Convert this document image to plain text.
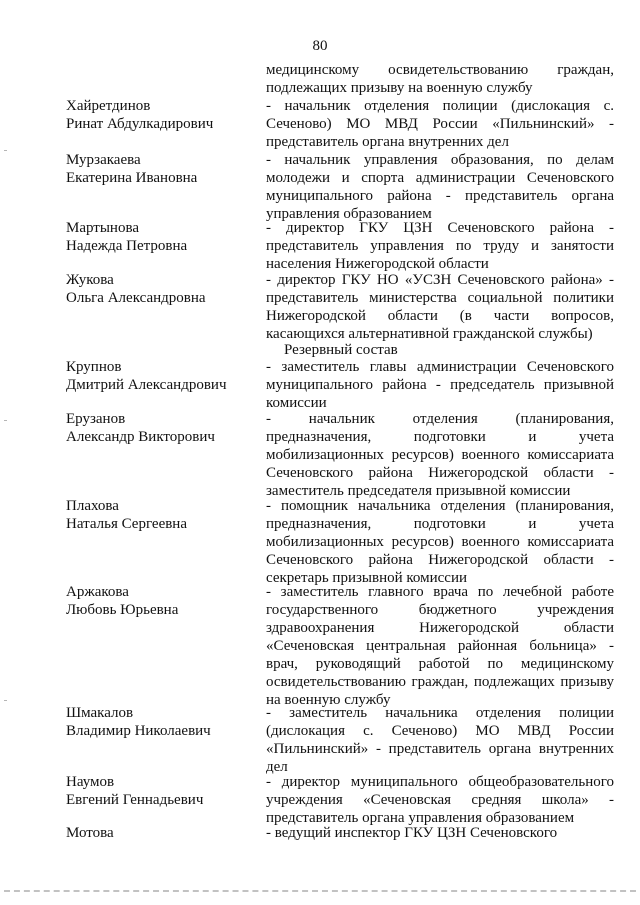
80
медицинскому освидетельствованию граждан, подлежащих призыву на военную службу
Хайретдинов
Ринат Абдулкадирович
- начальник отделения полиции (дислокация с. Сеченово) МО МВД России «Пильнинский» - представитель органа внутренних дел
Мурзакаева
Екатерина Ивановна
- начальник управления образования, по делам молодежи и спорта администрации Сеченовского муниципального района - представитель органа управления образованием
Мартынова
Надежда Петровна
- директор ГКУ ЦЗН Сеченовского района - представитель управления по труду и занятости населения Нижегородской области
Жукова
Ольга Александровна
- директор ГКУ НО «УСЗН Сеченовского района» - представитель министерства социальной политики Нижегородской области (в части вопросов, касающихся альтернативной гражданской службы)
Резервный состав
Крупнов
Дмитрий Александрович
- заместитель главы администрации Сеченовского муниципального района - председатель призывной комиссии
Ерузанов
Александр Викторович
- начальник отделения (планирования, предназначения, подготовки и учета мобилизационных ресурсов) военного комиссариата Сеченовского района Нижегородской области - заместитель председателя призывной комиссии
Плахова
Наталья Сергеевна
- помощник начальника отделения (планирования, предназначения, подготовки и учета мобилизационных ресурсов) военного комиссариата Сеченовского района Нижегородской области - секретарь призывной комиссии
Аржакова
Любовь Юрьевна
- заместитель главного врача по лечебной работе государственного бюджетного учреждения здравоохранения Нижегородской области «Сеченовская центральная районная больница» - врач, руководящий работой по медицинскому освидетельствованию граждан, подлежащих призыву на военную службу
Шмакалов
Владимир Николаевич
- заместитель начальника отделения полиции (дислокация с. Сеченово) МО МВД России «Пильнинский» - представитель органа внутренних дел
Наумов
Евгений Геннадьевич
- директор муниципального общеобразовательного учреждения «Сеченовская средняя школа» - представитель органа управления образованием
Мотова	- ведущий инспектор ГКУ ЦЗН Сеченовского
